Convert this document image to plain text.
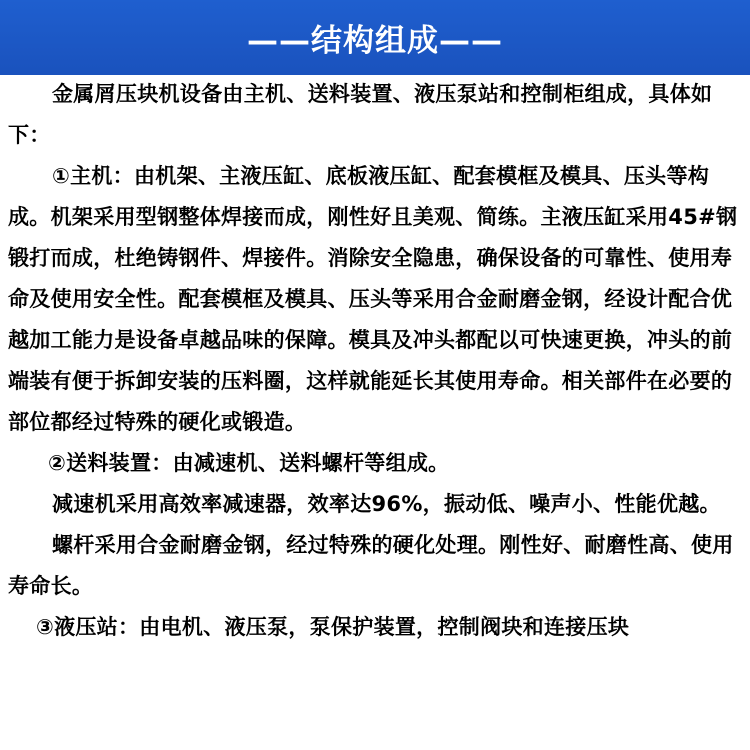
——结构组成——

金属屑压块机设备由主机、送料装置、液压泵站和控制柜组成，具体如下：

①主机：由机架、主液压缸、底板液压缸、配套模框及模具、压头等构成。机架采用型钢整体焊接而成，刚性好且美观、简练。主液压缸采用45#钢锻打而成，杜绝铸钢件、焊接件。消除安全隐患，确保设备的可靠性、使用寿命及使用安全性。配套模框及模具、压头等采用合金耐磨金钢，经设计配合优越加工能力是设备卓越品味的保障。模具及冲头都配以可快速更换，冲头的前端装有便于拆卸安装的压料圈，这样就能延长其使用寿命。相关部件在必要的部位都经过特殊的硬化或锻造。

②送料装置：由减速机、送料螺杆等组成。

减速机采用高效率减速器，效率达96%，振动低、噪声小、性能优越。

螺杆采用合金耐磨金钢，经过特殊的硬化处理。刚性好、耐磨性高、使用寿命长。

③液压站：由电机、液压泵，泵保护装置，控制阀块和连接压块
